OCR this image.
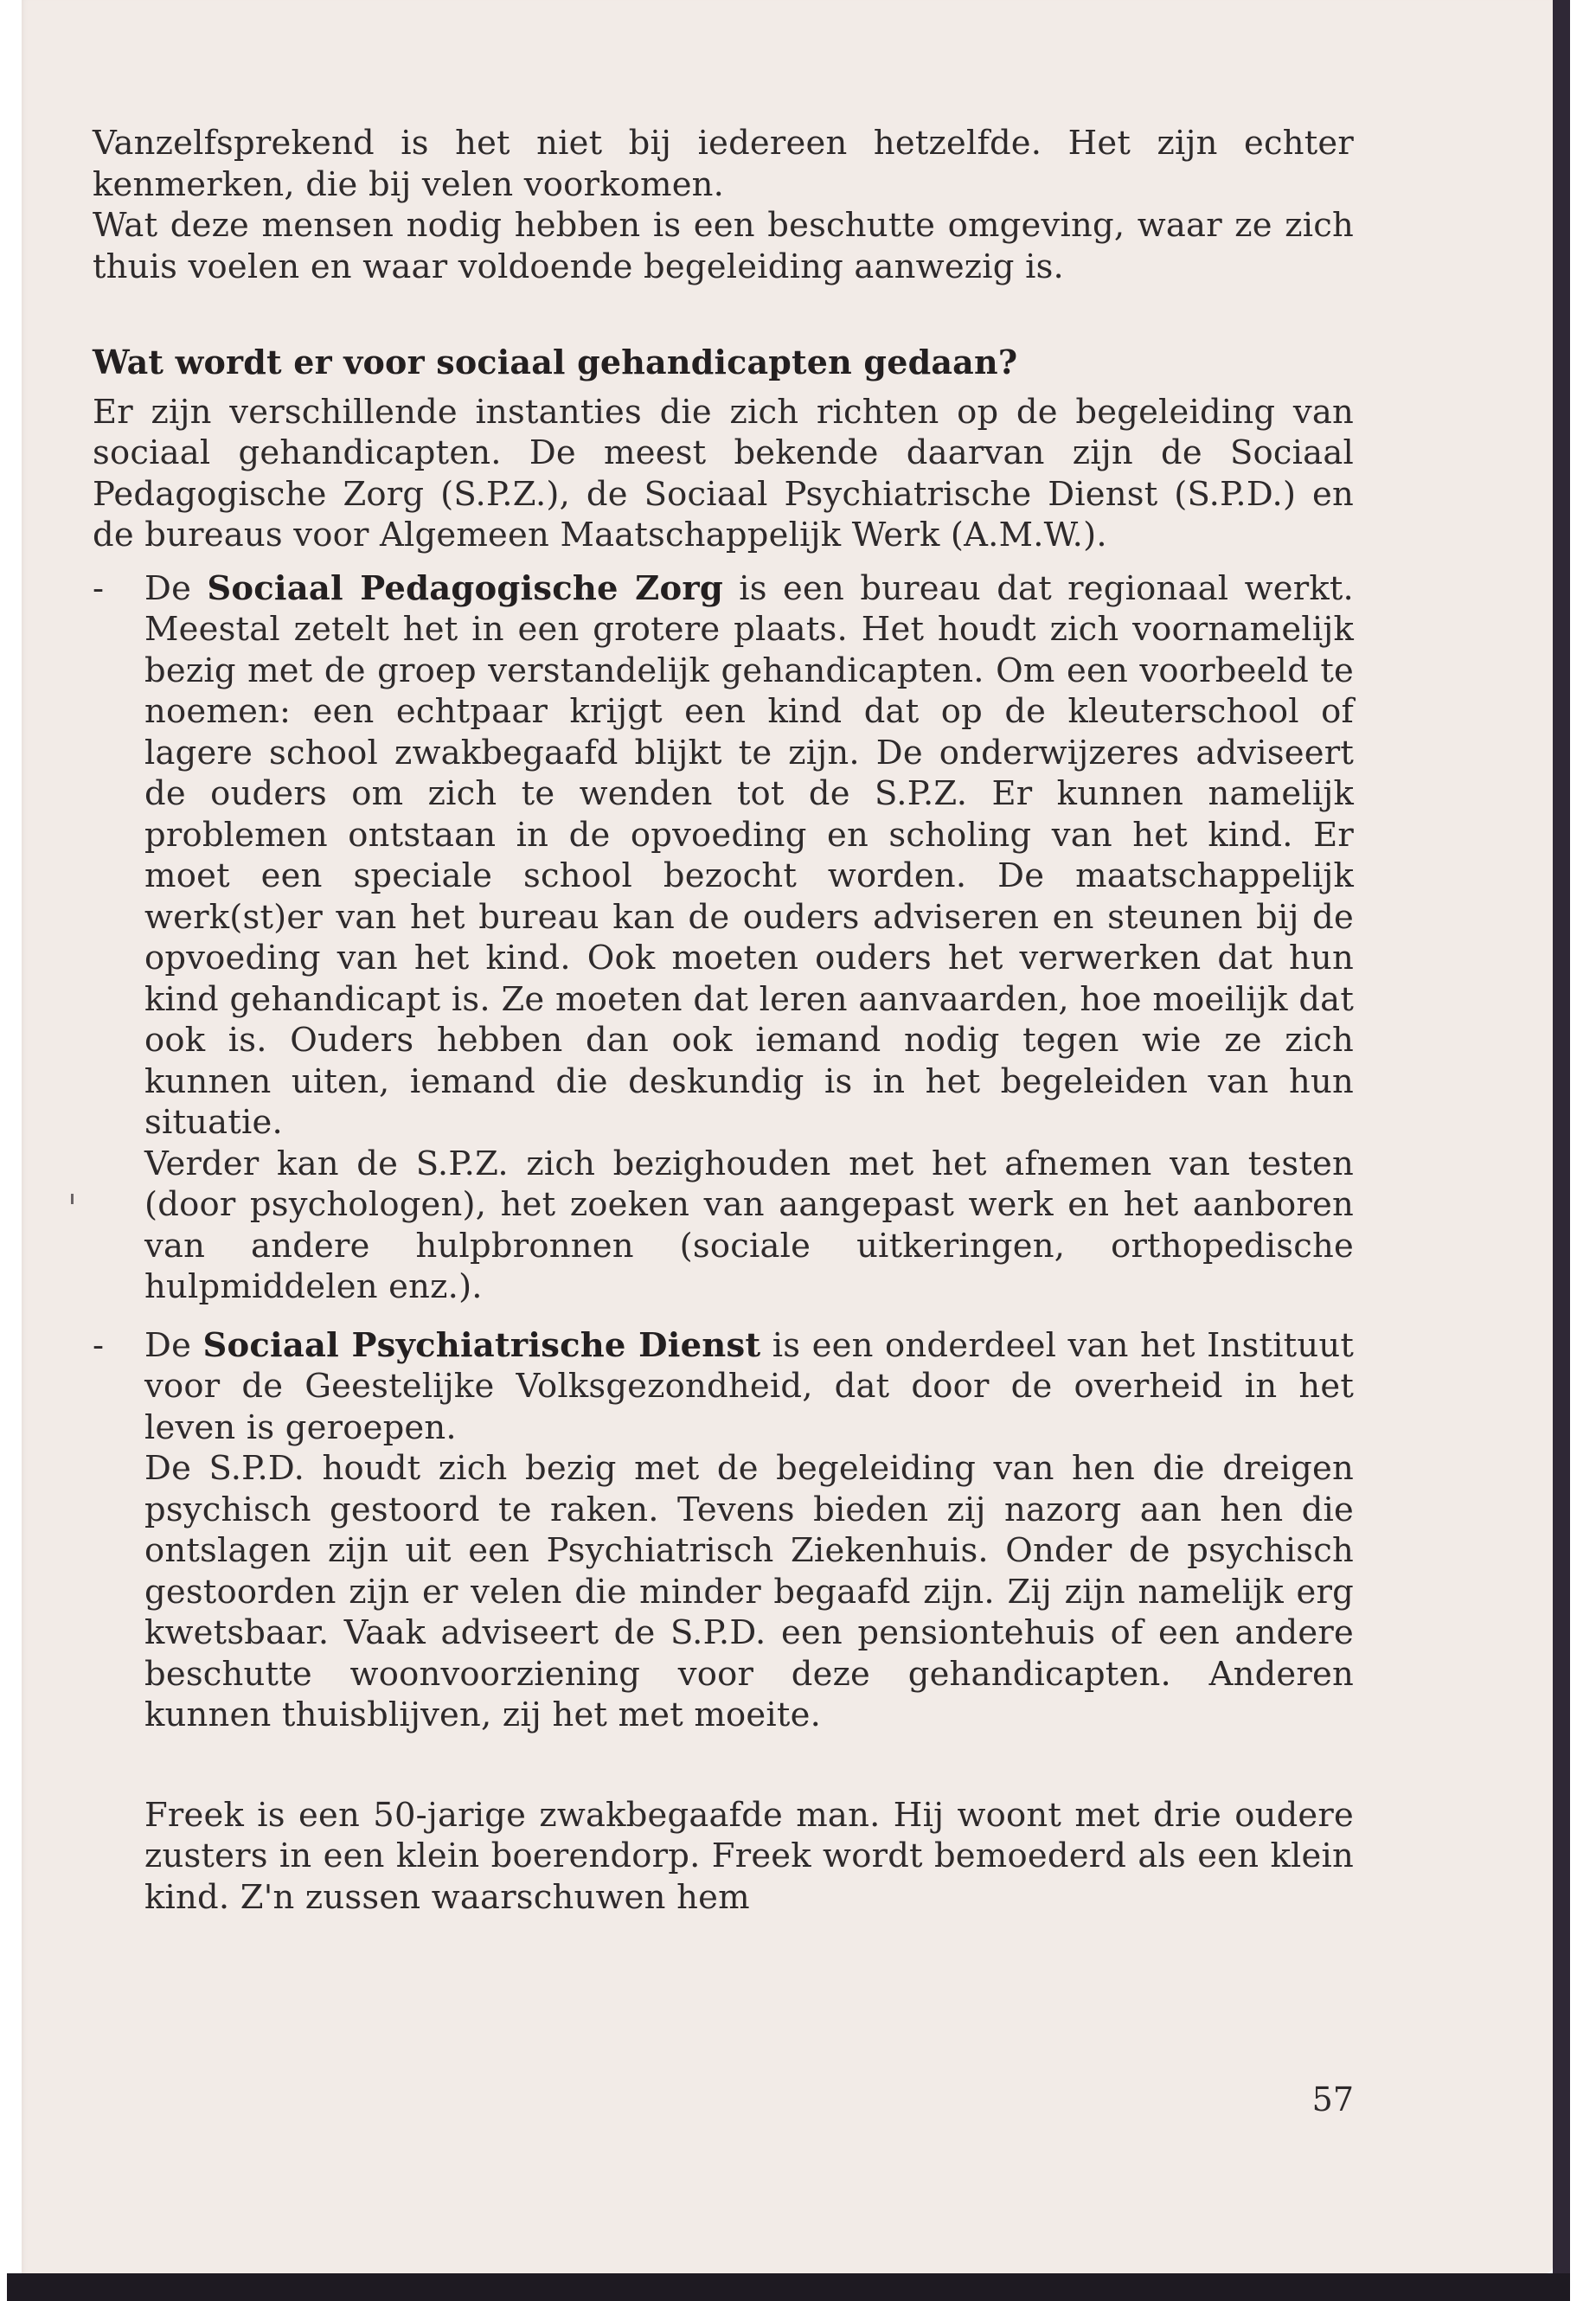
Vanzelfsprekend is het niet bij iedereen hetzelfde. Het zijn echter kenmerken, die bij velen voorkomen.

Wat deze mensen nodig hebben is een beschutte omgeving, waar ze zich thuis voelen en waar voldoende begeleiding aanwezig is.

Wat wordt er voor sociaal gehandicapten gedaan?

Er zijn verschillende instanties die zich richten op de begeleiding van sociaal gehandicapten. De meest bekende daarvan zijn de Sociaal Pedagogische Zorg (S.P.Z.), de Sociaal Psychiatrische Dienst (S.P.D.) en de bureaus voor Algemeen Maatschappelijk Werk (A.M.W.).

- De Sociaal Pedagogische Zorg is een bureau dat regionaal werkt. Meestal zetelt het in een grotere plaats. Het houdt zich voornamelijk bezig met de groep verstandelijk gehandicapten. Om een voorbeeld te noemen: een echtpaar krijgt een kind dat op de kleuterschool of lagere school zwakbegaafd blijkt te zijn. De onderwijzeres adviseert de ouders om zich te wenden tot de S.P.Z. Er kunnen namelijk problemen ontstaan in de opvoeding en scholing van het kind. Er moet een speciale school bezocht worden. De maatschappelijk werk(st)er van het bureau kan de ouders adviseren en steunen bij de opvoeding van het kind. Ook moeten ouders het verwerken dat hun kind gehandicapt is. Ze moeten dat leren aanvaarden, hoe moeilijk dat ook is. Ouders hebben dan ook iemand nodig tegen wie ze zich kunnen uiten, iemand die deskundig is in het begeleiden van hun situatie.

Verder kan de S.P.Z. zich bezighouden met het afnemen van testen (door psychologen), het zoeken van aangepast werk en het aanboren van andere hulpbronnen (sociale uitkeringen, orthopedische hulpmiddelen enz.).

- De Sociaal Psychiatrische Dienst is een onderdeel van het Instituut voor de Geestelijke Volksgezondheid, dat door de overheid in het leven is geroepen.

De S.P.D. houdt zich bezig met de begeleiding van hen die dreigen psychisch gestoord te raken. Tevens bieden zij nazorg aan hen die ontslagen zijn uit een Psychiatrisch Ziekenhuis. Onder de psychisch gestoorden zijn er velen die minder begaafd zijn. Zij zijn namelijk erg kwetsbaar. Vaak adviseert de S.P.D. een pensiontehuis of een andere beschutte woonvoorziening voor deze gehandicapten. Anderen kunnen thuisblijven, zij het met moeite.

Freek is een 50-jarige zwakbegaafde man. Hij woont met drie oudere zusters in een klein boerendorp. Freek wordt bemoederd als een klein kind. Z'n zussen waarschuwen hem

57
